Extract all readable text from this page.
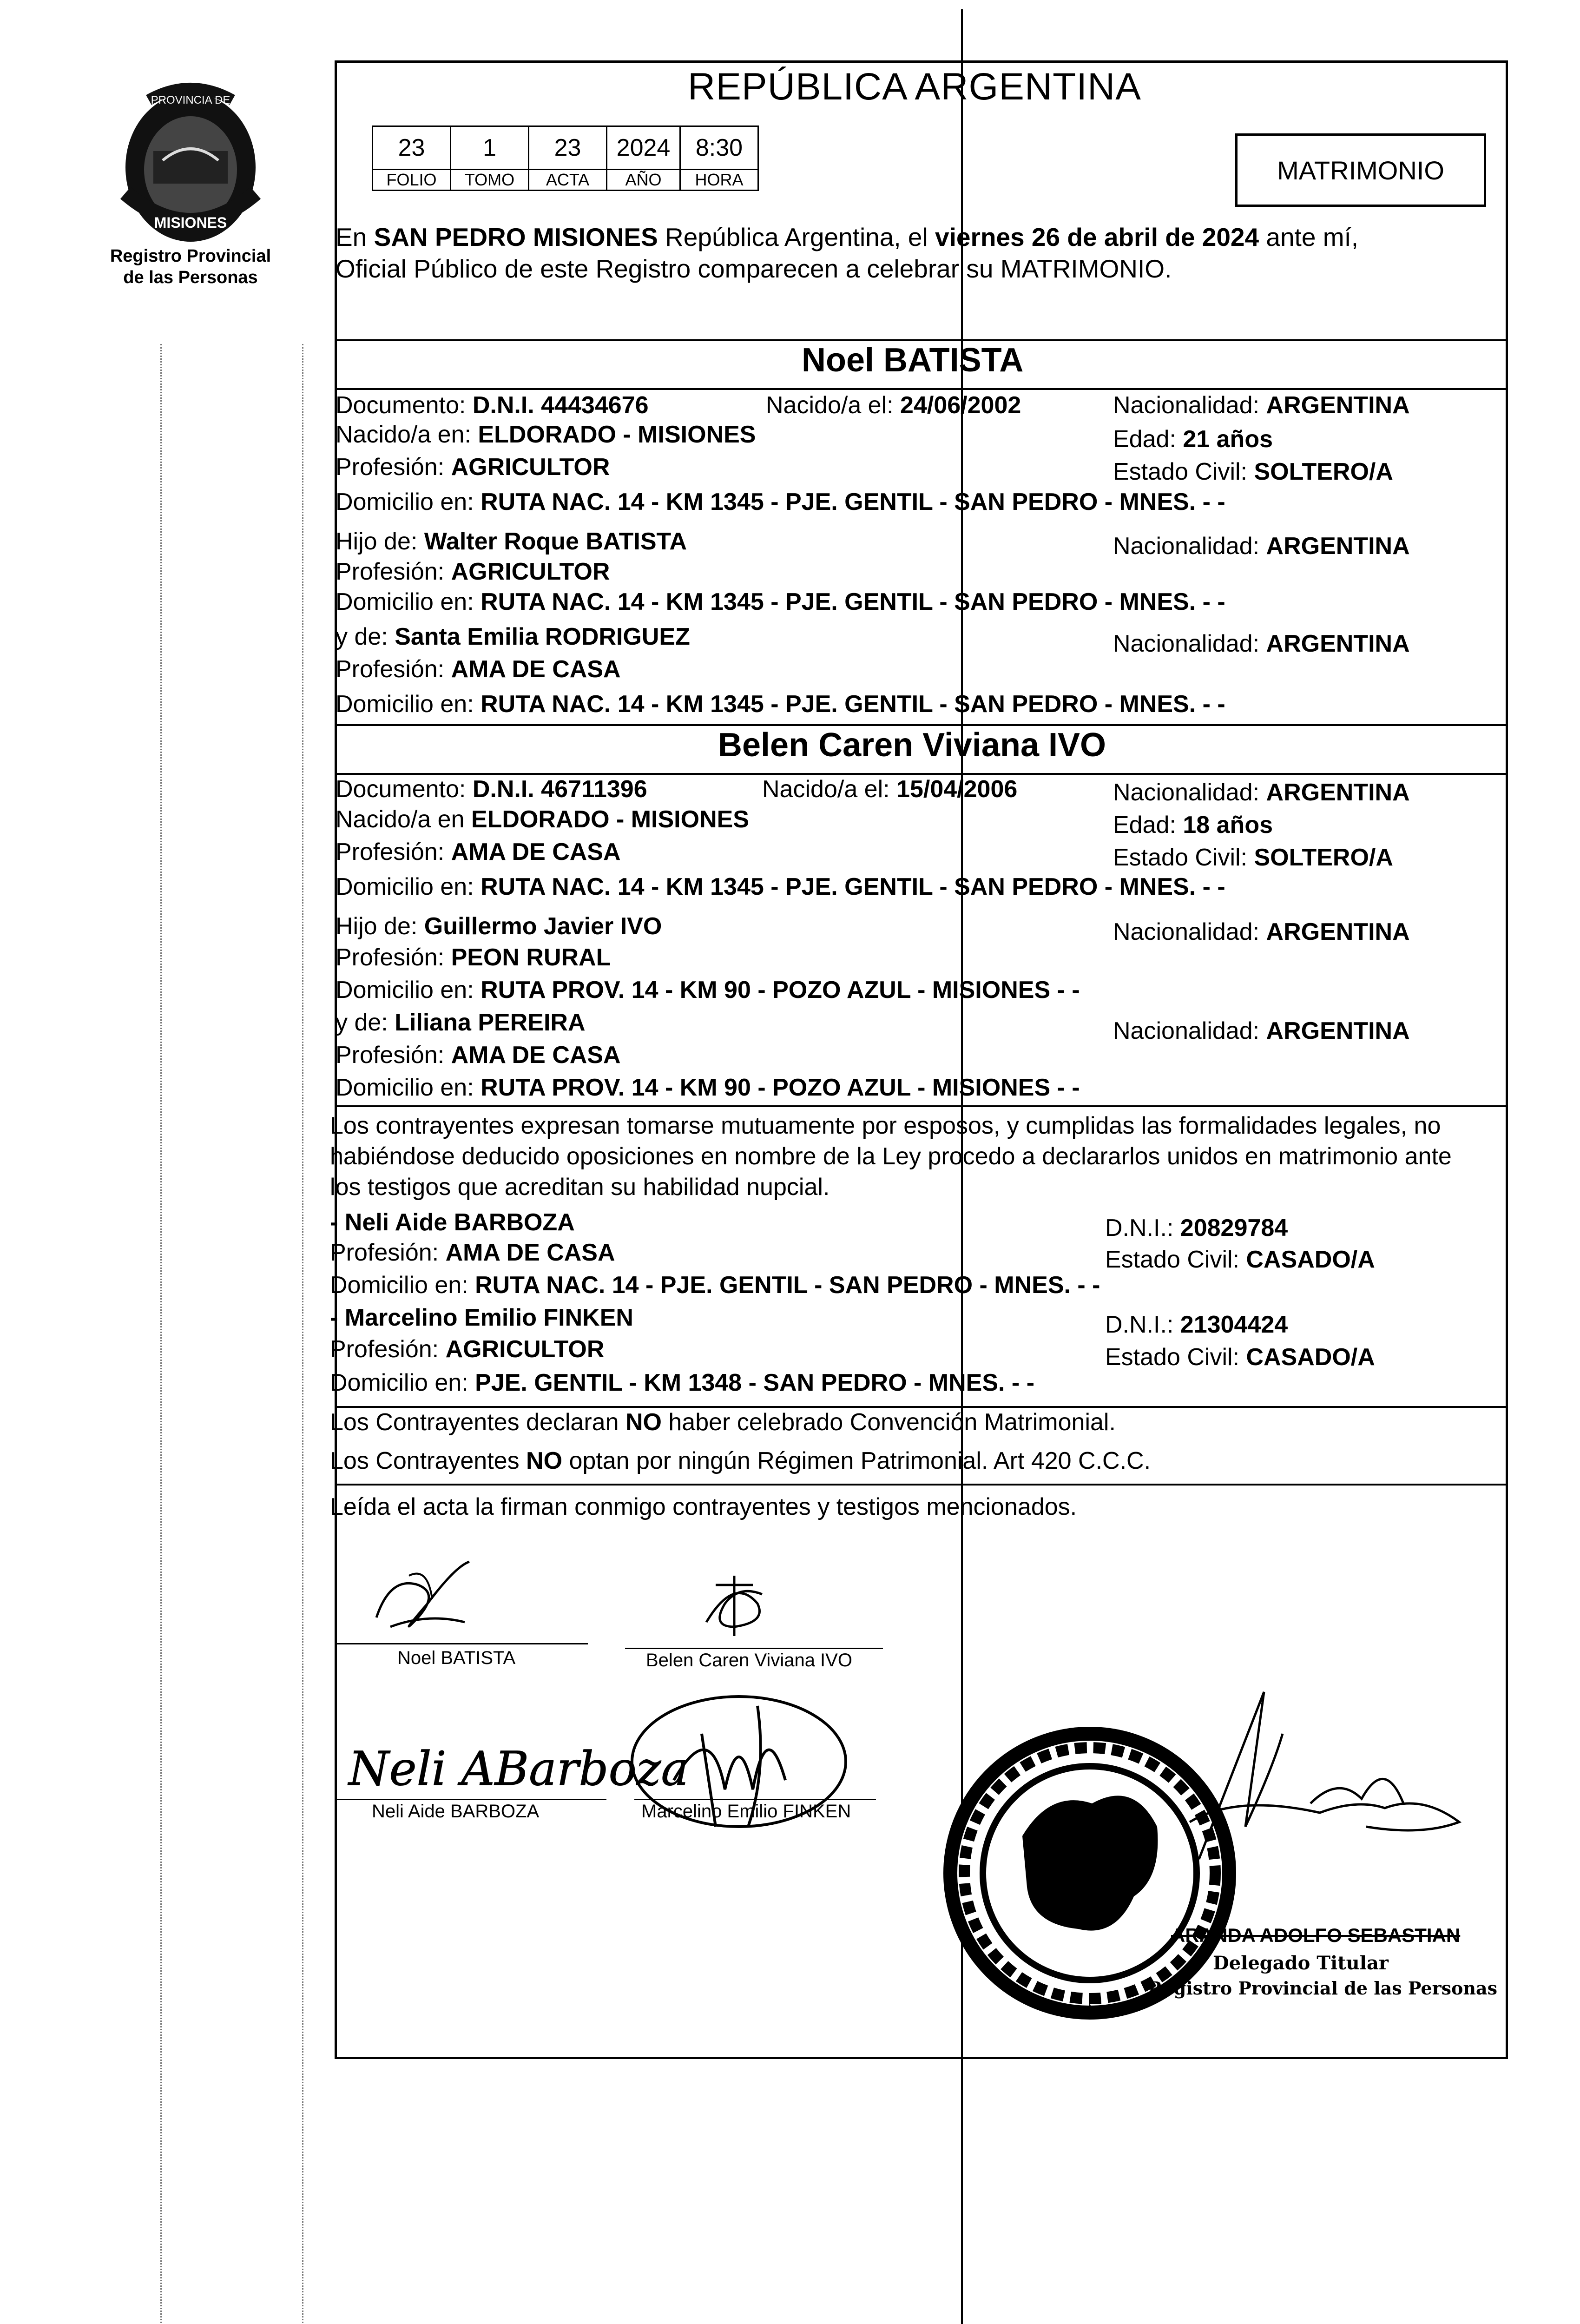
PROVINCIA DE
MISIONES
Registro Provincial
de las Personas
REPÚBLICA ARGENTINA
23	1	23	2024	8:30
FOLIO	TOMO	ACTA	AÑO	HORA	MATRIMONIO
En SAN PEDRO MISIONES República Argentina, el viernes 26 de abril de 2024 ante mí,
Oficial Público de este Registro comparecen a celebrar su MATRIMONIO.
Noel BATISTA
Documento: D.N.I. 44434676	Nacido/a el: 24/06/2002	Nacionalidad: ARGENTINA
Nacido/a en: ELDORADO - MISIONES	Edad: 21 años
Profesión: AGRICULTOR	Estado Civil: SOLTERO/A
Domicilio en: RUTA NAC. 14 - KM 1345 - PJE. GENTIL - SAN PEDRO - MNES. - -
Hijo de: Walter Roque BATISTA	Nacionalidad: ARGENTINA
Profesión: AGRICULTOR
Domicilio en: RUTA NAC. 14 - KM 1345 - PJE. GENTIL - SAN PEDRO - MNES. - -
y de: Santa Emilia RODRIGUEZ	Nacionalidad: ARGENTINA
Profesión: AMA DE CASA
Domicilio en: RUTA NAC. 14 - KM 1345 - PJE. GENTIL - SAN PEDRO - MNES. - -
Belen Caren Viviana IVO
Documento: D.N.I. 46711396	Nacido/a el: 15/04/2006	Nacionalidad: ARGENTINA
Nacido/a en ELDORADO - MISIONES	Edad: 18 años
Profesión: AMA DE CASA	Estado Civil: SOLTERO/A
Domicilio en: RUTA NAC. 14 - KM 1345 - PJE. GENTIL - SAN PEDRO - MNES. - -
Hijo de: Guillermo Javier IVO	Nacionalidad: ARGENTINA
Profesión: PEON RURAL
Domicilio en: RUTA PROV. 14 - KM 90 - POZO AZUL - MISIONES - -
y de: Liliana PEREIRA	Nacionalidad: ARGENTINA
Profesión: AMA DE CASA
Domicilio en: RUTA PROV. 14 - KM 90 - POZO AZUL - MISIONES - -
Los contrayentes expresan tomarse mutuamente por esposos, y cumplidas las formalidades legales, no
habiéndose deducido oposiciones en nombre de la Ley procedo a declararlos unidos en matrimonio ante
los testigos que acreditan su habilidad nupcial.
- Neli Aide BARBOZA	D.N.I.: 20829784
Profesión: AMA DE CASA	Estado Civil: CASADO/A
Domicilio en: RUTA NAC. 14 - PJE. GENTIL - SAN PEDRO - MNES. - -
- Marcelino Emilio FINKEN	D.N.I.: 21304424
Profesión: AGRICULTOR	Estado Civil: CASADO/A
Domicilio en: PJE. GENTIL - KM 1348 - SAN PEDRO - MNES. - -
Los Contrayentes declaran NO haber celebrado Convención Matrimonial.
Los Contrayentes NO optan por ningún Régimen Patrimonial. Art 420 C.C.C.
Leída el acta la firman conmigo contrayentes y testigos mencionados.
Noel BATISTA	Belen Caren Viviana IVO
Neli ABarboza
Neli Aide BARBOZA	Marcelino Emilio FINKEN
ARANDA ADOLFO SEBASTIAN
Delegado Titular
Registro Provincial de las Personas
